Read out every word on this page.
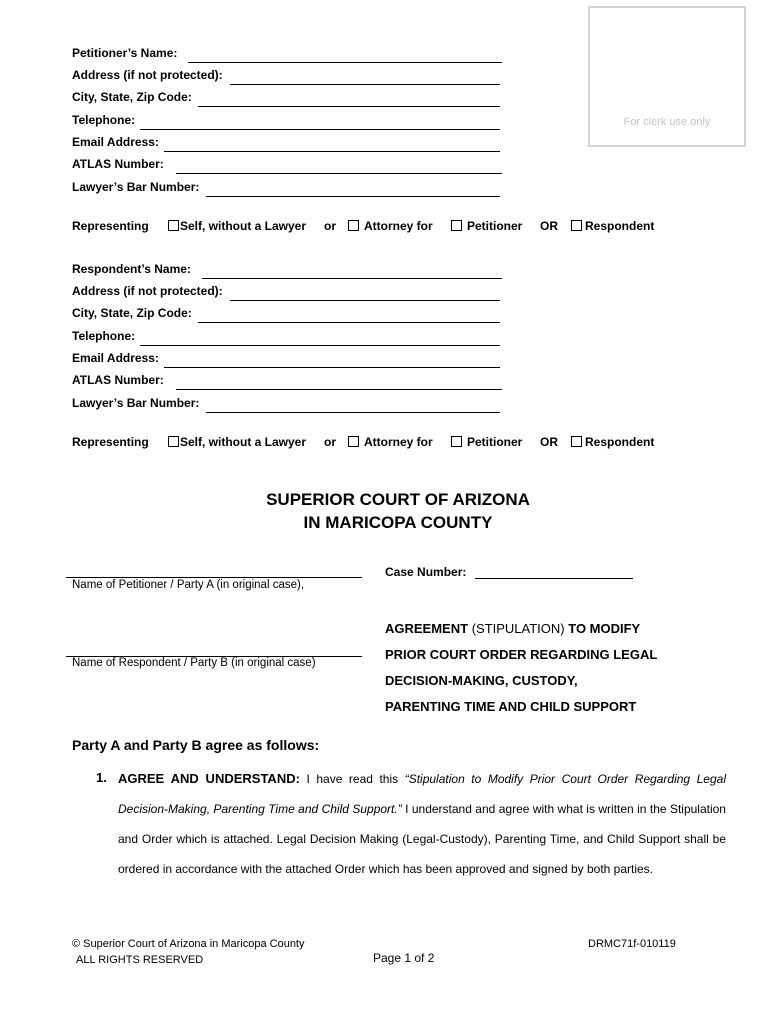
For clerk use only
Petitioner’s Name:
Address (if not protected):
City, State, Zip Code:
Telephone:
Email Address:
ATLAS Number:
Lawyer’s Bar Number:
Representing	Self, without a Lawyer or Attorney for	Petitioner OR Respondent
Respondent’s Name:
Address (if not protected):
City, State, Zip Code:
Telephone:
Email Address:
ATLAS Number:
Lawyer’s Bar Number:
Representing	Self, without a Lawyer or Attorney for	Petitioner OR Respondent
SUPERIOR COURT OF ARIZONA
IN MARICOPA COUNTY
Name of Petitioner / Party A (in original case),
Name of Respondent / Party B (in original case)
Case Number:
AGREEMENT (STIPULATION) TO MODIFY
PRIOR COURT ORDER REGARDING LEGAL
DECISION-MAKING, CUSTODY,
PARENTING TIME AND CHILD SUPPORT
Party A and Party B agree as follows:
1. AGREE AND UNDERSTAND: I have read this “Stipulation to Modify Prior Court Order Regarding Legal Decision-Making, Parenting Time and Child Support.” I understand and agree with what is written in the Stipulation and Order which is attached. Legal Decision Making (Legal-Custody), Parenting Time, and Child Support shall be ordered in accordance with the attached Order which has been approved and signed by both parties.
© Superior Court of Arizona in Maricopa County
ALL RIGHTS RESERVED	Page 1 of 2
DRMC71f-010119
